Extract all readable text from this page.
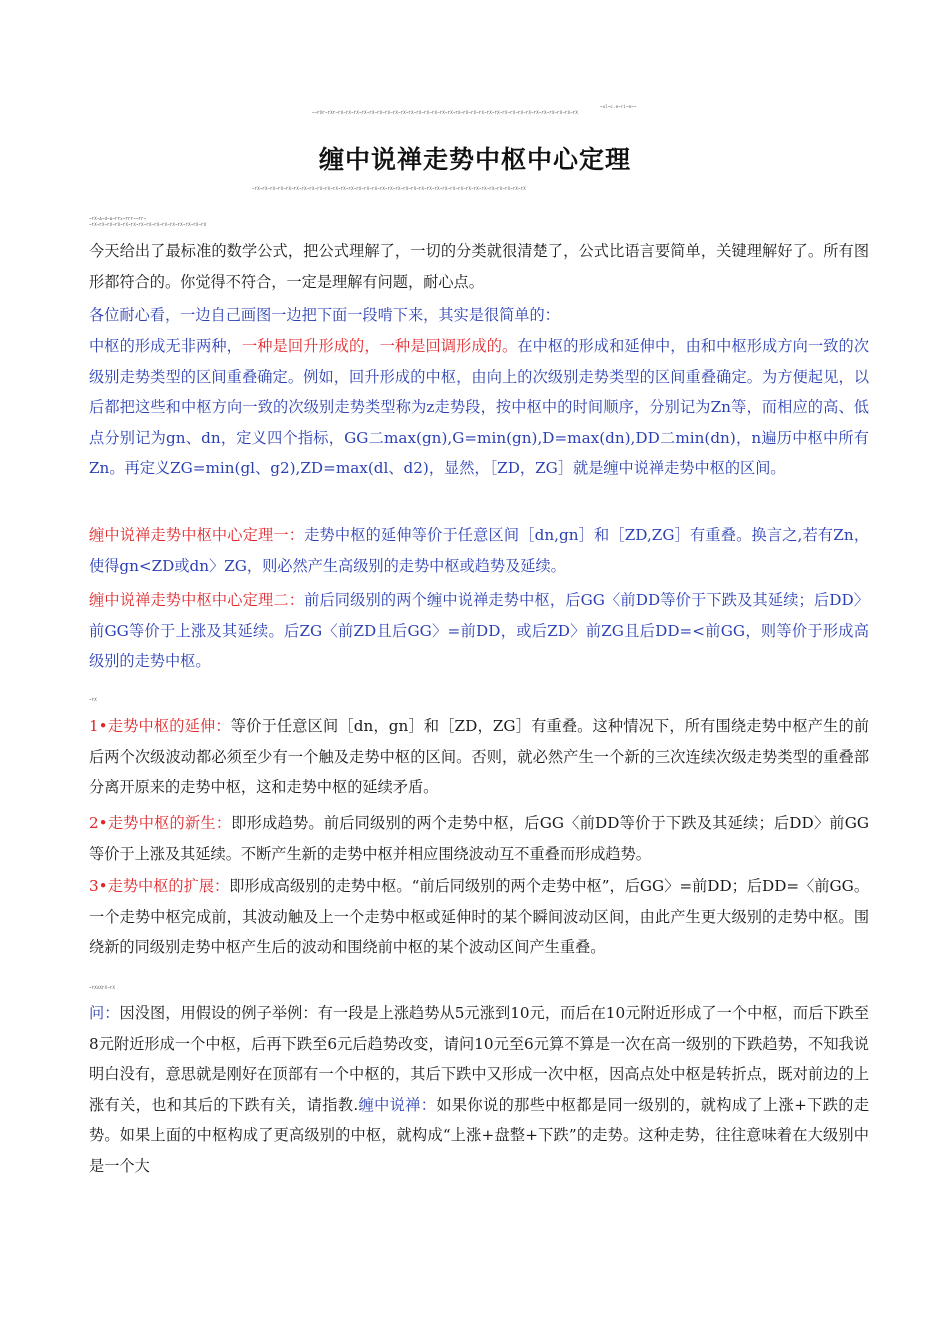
~ul~c.e~ri~e~~
~~ΓXΓ~ΓXΓ~ΓX~ΓX~ΓX~ΓX~ΓX~ΓX~ΓX~ΓX~ΓX~ΓX~ΓX~ΓX~ΓX~ΓX~ΓX~ΓX~ΓX~ΓX~ΓX~ΓX~ΓX~ΓX~ΓX~ΓX~ΓX~ΓX~ΓX~ΓX~ΓX~ΓX~ΓX
缠中说禅走势中枢中心定理
~ΓX~ΓX~ΓX~ΓX~ΓX~ΓX~ΓX~ΓX~ΓX~ΓX~ΓX~ΓX~ΓX~ΓX~ΓX~ΓX~ΓX~ΓX~ΓX~ΓX~ΓX~ΓX~ΓX~ΓX~ΓX~ΓX~ΓX~ΓX~ΓX~ΓX~ΓX~ΓX~ΓX~ΓX~ΓX
~ΓX~Δ~d~Δ~ΓΓx~ΓΓΓ~~ΓΓ~
~ΓX~ΓX~ΓX~ΓX~ΓX~ΓX~ΓX~ΓX~ΓX~ΓX~ΓX~ΓX~ΓX~ΓX~ΓX

今天给出了最标准的数学公式，把公式理解了，一切的分类就很清楚了，公式比语言要简单，关键理解好了。所有图形都符合的。你觉得不符合，一定是理解有问题，耐心点。

各位耐心看，一边自己画图一边把下面一段啃下来，其实是很简单的：

中枢的形成无非两种，一种是回升形成的，一种是回调形成的。在中枢的形成和延伸中，由和中枢形成方向一致的次级别走势类型的区间重叠确定。例如，回升形成的中枢，由向上的次级别走势类型的区间重叠确定。为方便起见，以后都把这些和中枢方向一致的次级别走势类型称为z走势段，按中枢中的时间顺序，分别记为Zn等，而相应的高、低点分别记为gn、dn，定义四个指标，GG二max(gn),G=min(gn),D=max(dn),DD二min(dn)，n遍历中枢中所有Zn。再定义ZG=min(gl、g2),ZD=max(dl、d2)，显然，［ZD，ZG］就是缠中说禅走势中枢的区间。

缠中说禅走势中枢中心定理一：走势中枢的延伸等价于任意区间［dn,gn］和［ZD,ZG］有重叠。换言之,若有Zn，使得gn<ZD或dn〉ZG，则必然产生高级别的走势中枢或趋势及延续。

缠中说禅走势中枢中心定理二：前后同级别的两个缠中说禅走势中枢，后GG〈前DD等价于下跌及其延续；后DD〉前GG等价于上涨及其延续。后ZG〈前ZD且后GG〉=前DD，或后ZD〉前ZG且后DD=<前GG，则等价于形成高级别的走势中枢。

~ΓX

1•走势中枢的延伸：等价于任意区间［dn，gn］和［ZD，ZG］有重叠。这种情况下，所有围绕走势中枢产生的前后两个次级波动都必须至少有一个触及走势中枢的区间。否则，就必然产生一个新的三次连续次级走势类型的重叠部分离开原来的走势中枢，这和走势中枢的延续矛盾。

2•走势中枢的新生：即形成趋势。前后同级别的两个走势中枢，后GG〈前DD等价于下跌及其延续；后DD〉前GG等价于上涨及其延续。不断产生新的走势中枢并相应围绕波动互不重叠而形成趋势。

3•走势中枢的扩展：即形成高级别的走势中枢。“前后同级别的两个走势中枢”，后GG〉=前DD；后DD=〈前GG。一个走势中枢完成前，其波动触及上一个走势中枢或延伸时的某个瞬间波动区间，由此产生更大级别的走势中枢。围绕新的同级别走势中枢产生后的波动和围绕前中枢的某个波动区间产生重叠。

~ΓXΛXΓX~ΓX

问：因没图，用假设的例子举例：有一段是上涨趋势从5元涨到10元，而后在10元附近形成了一个中枢，而后下跌至8元附近形成一个中枢，后再下跌至6元后趋势改变，请问10元至6元算不算是一次在高一级别的下跌趋势，不知我说明白没有，意思就是刚好在顶部有一个中枢的，其后下跌中又形成一次中枢，因高点处中枢是转折点，既对前边的上涨有关，也和其后的下跌有关，请指教.缠中说禅：如果你说的那些中枢都是同一级别的，就构成了上涨+下跌的走势。如果上面的中枢构成了更高级别的中枢，就构成“上涨+盘整+下跌”的走势。这种走势，往往意味着在大级别中是一个大
